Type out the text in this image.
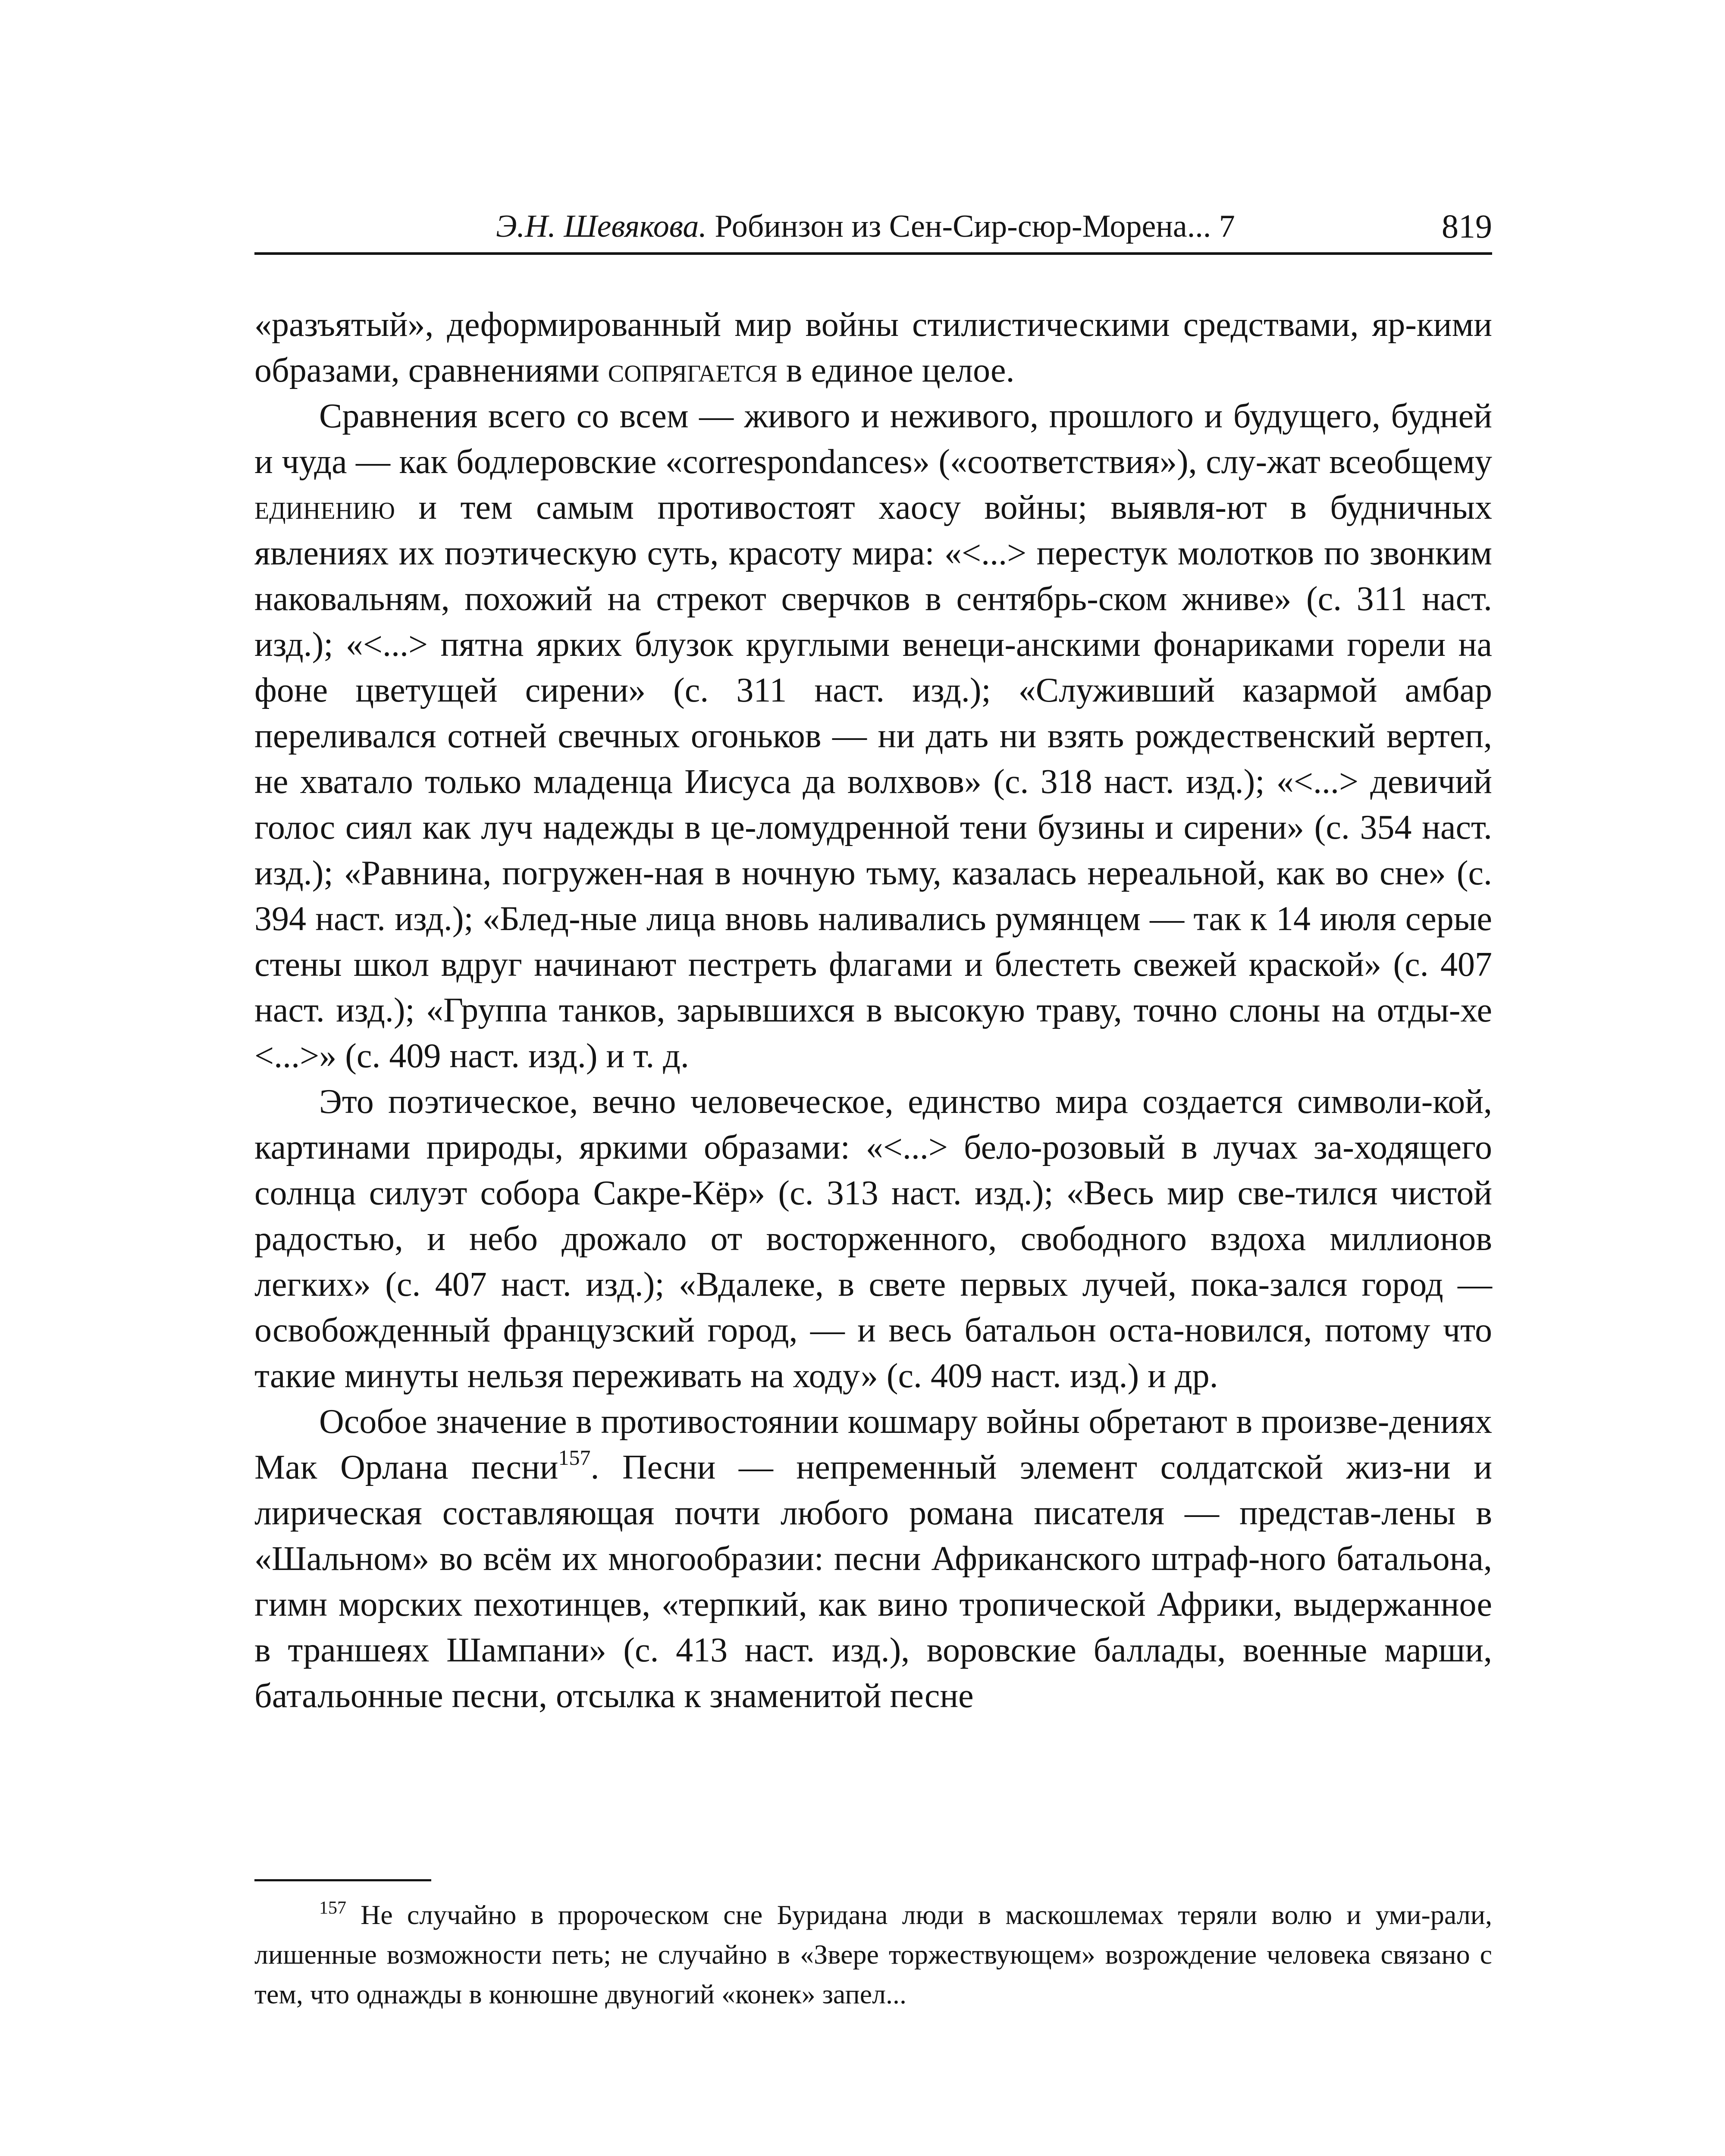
Э.Н. Шевякова. Робинзон из Сен-Сир-сюр-Морена... 7	819

«разъятый», деформированный мир войны стилистическими средствами, яр-кими образами, сравнениями сопрягается в единое целое.

Сравнения всего со всем — живого и неживого, прошлого и будущего, будней и чуда — как бодлеровские «correspondances» («соответствия»), слу-жат всеобщему единению и тем самым противостоят хаосу войны; выявля-ют в будничных явлениях их поэтическую суть, красоту мира: «<...> перестук молотков по звонким наковальням, похожий на стрекот сверчков в сентябрь-ском жниве» (с. 311 наст. изд.); «<...> пятна ярких блузок круглыми венеци-анскими фонариками горели на фоне цветущей сирени» (с. 311 наст. изд.); «Служивший казармой амбар переливался сотней свечных огоньков — ни дать ни взять рождественский вертеп, не хватало только младенца Иисуса да волхвов» (с. 318 наст. изд.); «<...> девичий голос сиял как луч надежды в це-ломудренной тени бузины и сирени» (с. 354 наст. изд.); «Равнина, погружен-ная в ночную тьму, казалась нереальной, как во сне» (с. 394 наст. изд.); «Блед-ные лица вновь наливались румянцем — так к 14 июля серые стены школ вдруг начинают пестреть флагами и блестеть свежей краской» (с. 407 наст. изд.); «Группа танков, зарывшихся в высокую траву, точно слоны на отды-хе <...>» (с. 409 наст. изд.) и т. д.

Это поэтическое, вечно человеческое, единство мира создается символи-кой, картинами природы, яркими образами: «<...> бело-розовый в лучах за-ходящего солнца силуэт собора Сакре-Кёр» (с. 313 наст. изд.); «Весь мир све-тился чистой радостью, и небо дрожало от восторженного, свободного вздоха миллионов легких» (с. 407 наст. изд.); «Вдалеке, в свете первых лучей, пока-зался город — освобожденный французский город, — и весь батальон оста-новился, потому что такие минуты нельзя переживать на ходу» (с. 409 наст. изд.) и др.

Особое значение в противостоянии кошмару войны обретают в произве-дениях Мак Орлана песни$^{157}$. Песни — непременный элемент солдатской жиз-ни и лирическая составляющая почти любого романа писателя — представ-лены в «Шальном» во всём их многообразии: песни Африканского штраф-ного батальона, гимн морских пехотинцев, «терпкий, как вино тропической Африки, выдержанное в траншеях Шампани» (с. 413 наст. изд.), воровские баллады, военные марши, батальонные песни, отсылка к знаменитой песне

$^{157}$ Не случайно в пророческом сне Буридана люди в маскошлемах теряли волю и уми-рали, лишенные возможности петь; не случайно в «Звере торжествующем» возрождение человека связано с тем, что однажды в конюшне двуногий «конек» запел...
